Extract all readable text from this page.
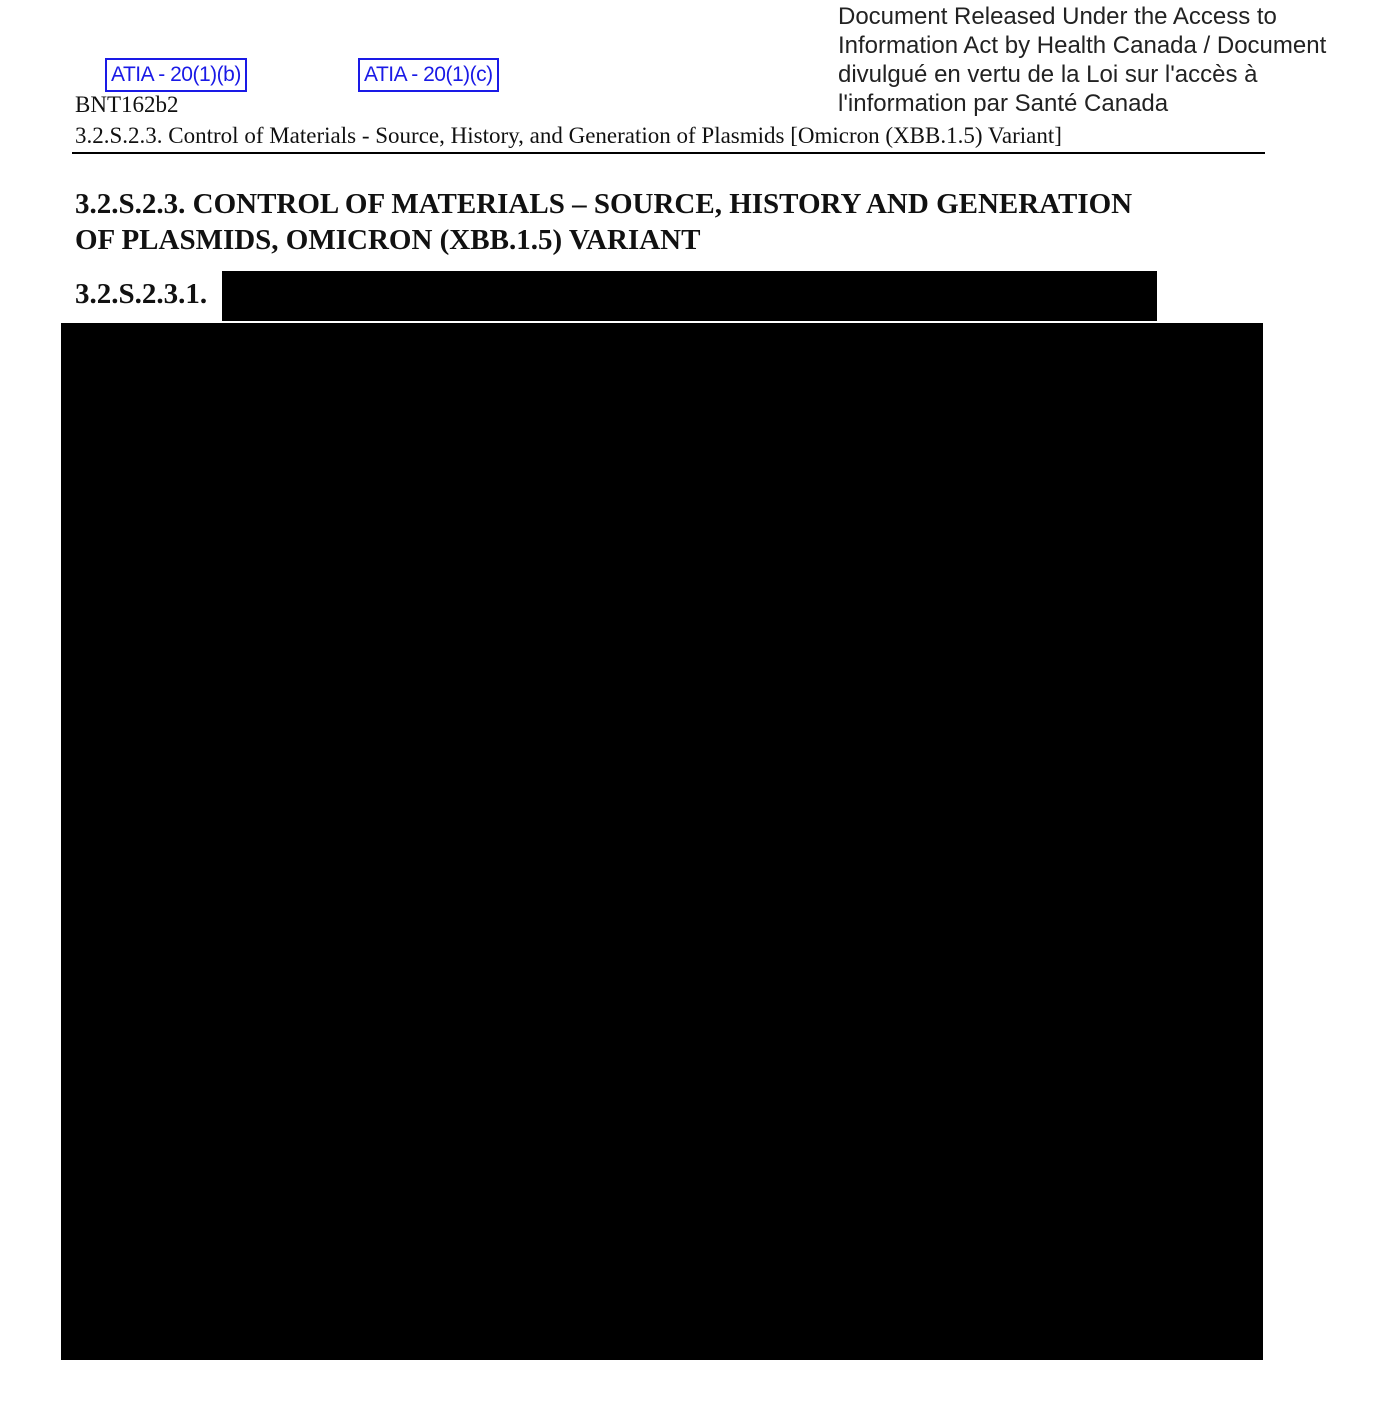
Document Released Under the Access to
Information Act by Health Canada / Document
divulgué en vertu de la Loi sur l'accès à
l'information par Santé Canada
ATIA - 20(1)(b)	ATIA - 20(1)(c)
BNT162b2
3.2.S.2.3. Control of Materials - Source, History, and Generation of Plasmids [Omicron (XBB.1.5) Variant]
3.2.S.2.3. CONTROL OF MATERIALS – SOURCE, HISTORY AND GENERATION
OF PLASMIDS, OMICRON (XBB.1.5) VARIANT
3.2.S.2.3.1.
